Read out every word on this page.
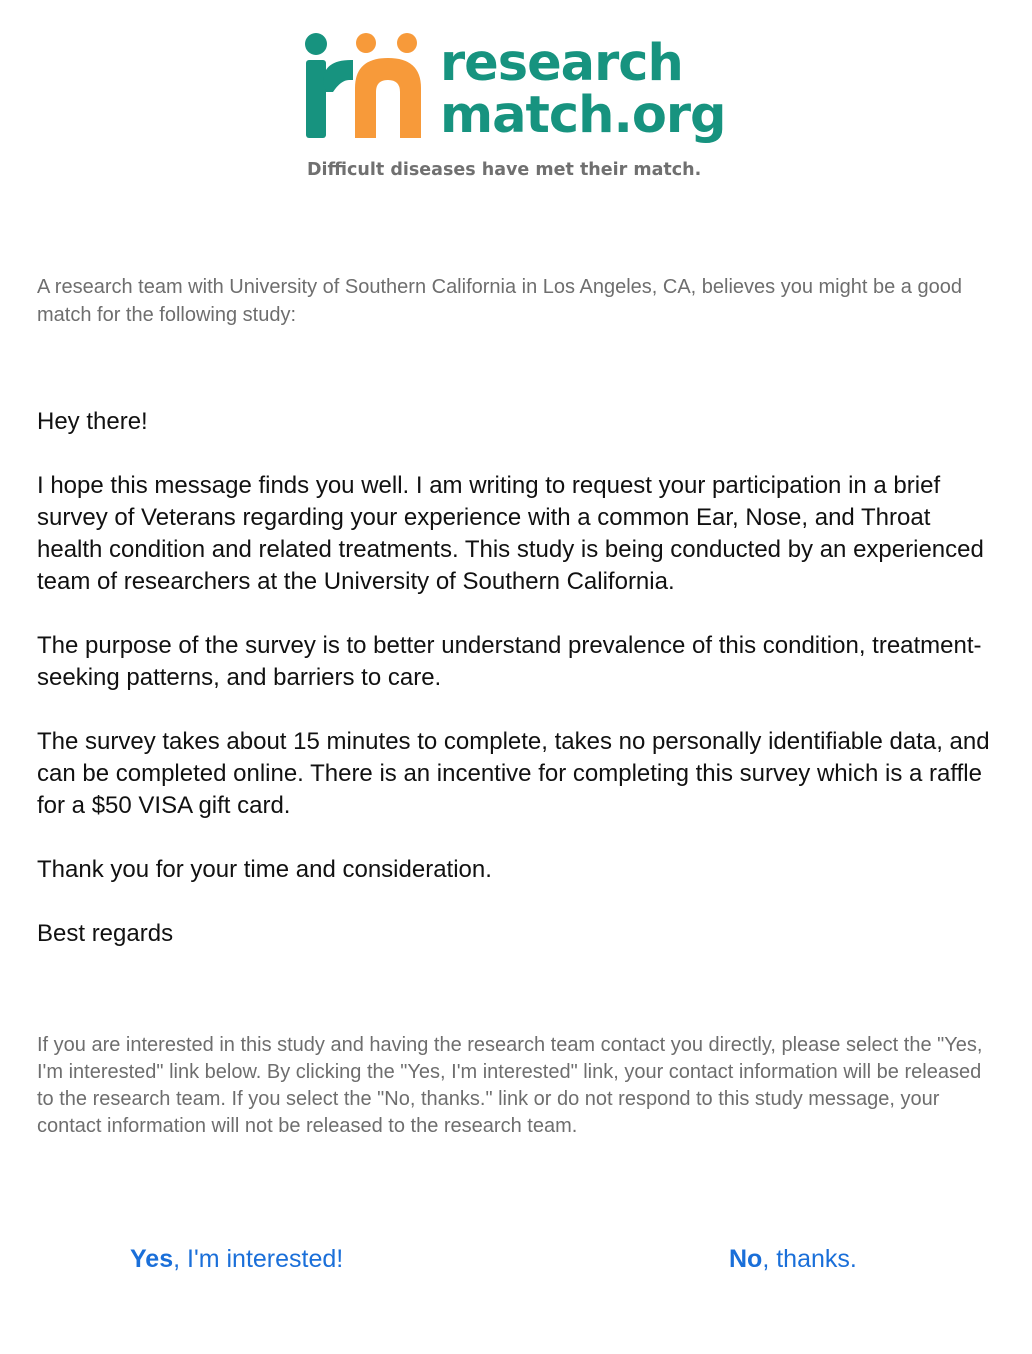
research
match.org
Difficult diseases have met their match.

A research team with University of Southern California in Los Angeles, CA, believes you might be a good match for the following study:

Hey there!

I hope this message finds you well. I am writing to request your participation in a brief survey of Veterans regarding your experience with a common Ear, Nose, and Throat health condition and related treatments. This study is being conducted by an experienced team of researchers at the University of Southern California.

The purpose of the survey is to better understand prevalence of this condition, treatment-seeking patterns, and barriers to care.

The survey takes about 15 minutes to complete, takes no personally identifiable data, and can be completed online. There is an incentive for completing this survey which is a raffle for a $50 VISA gift card.

Thank you for your time and consideration.

Best regards

If you are interested in this study and having the research team contact you directly, please select the "Yes, I'm interested" link below. By clicking the "Yes, I'm interested" link, your contact information will be released to the research team. If you select the "No, thanks." link or do not respond to this study message, your contact information will not be released to the research team.

Yes, I'm interested!	No, thanks.
